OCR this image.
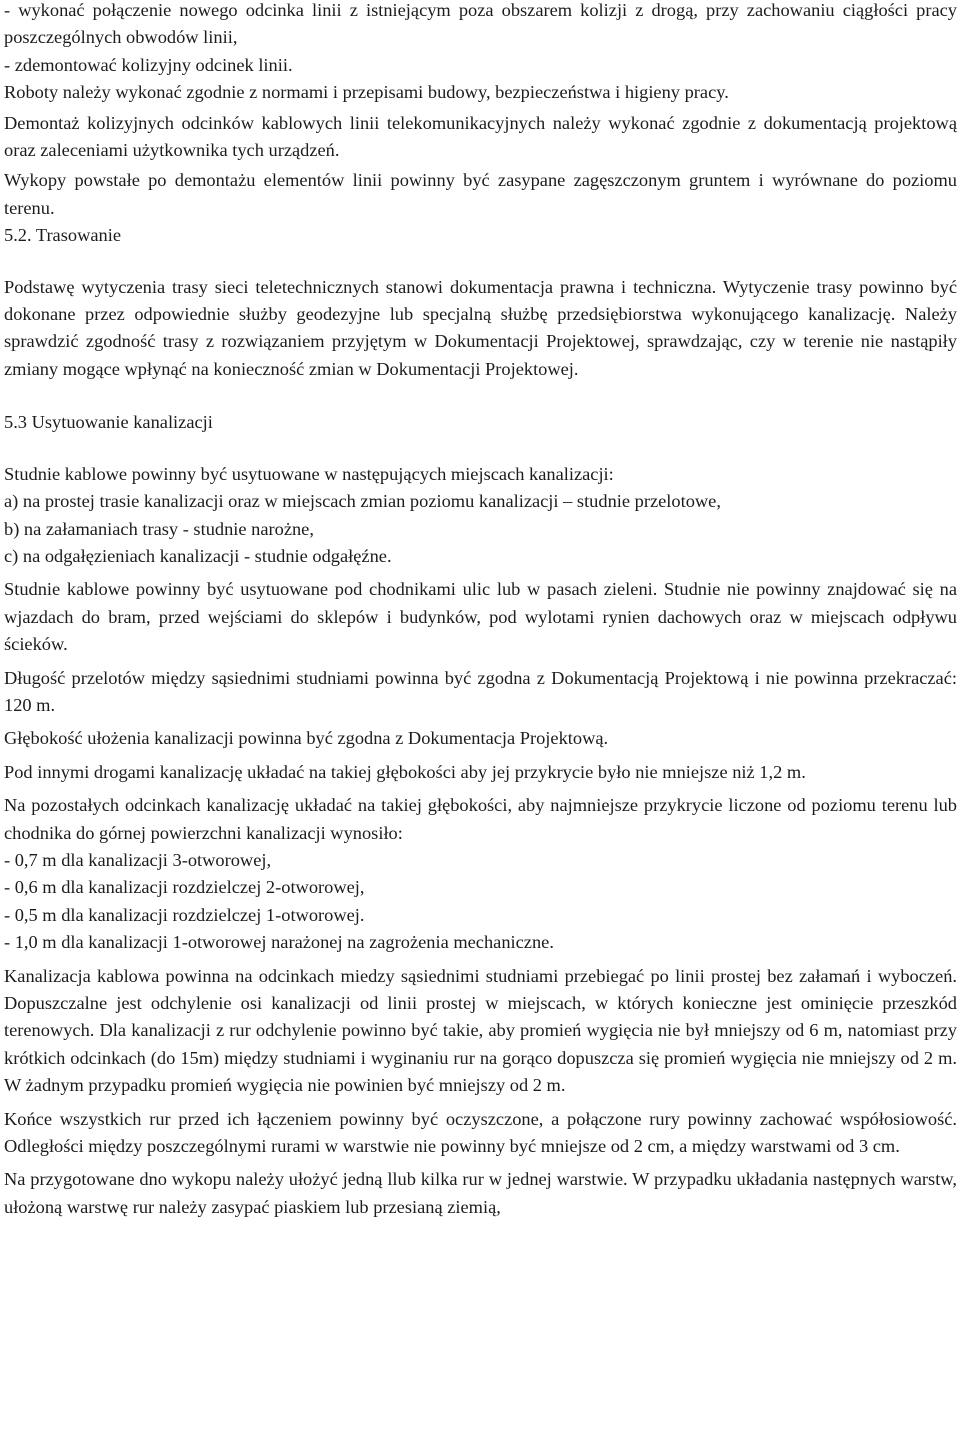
- wykonać połączenie nowego odcinka linii z istniejącym poza obszarem kolizji z drogą, przy zachowaniu ciągłości pracy poszczególnych obwodów linii,

- zdemontować kolizyjny odcinek linii.

Roboty należy wykonać zgodnie z normami i przepisami budowy, bezpieczeństwa i higieny pracy.

Demontaż kolizyjnych odcinków kablowych linii telekomunikacyjnych należy wykonać zgodnie z dokumentacją projektową oraz zaleceniami użytkownika tych urządzeń.

Wykopy powstałe po demontażu elementów linii powinny być zasypane zagęszczonym gruntem i wyrównane do poziomu terenu.

5.2. Trasowanie

Podstawę wytyczenia trasy sieci teletechnicznych stanowi dokumentacja prawna i techniczna. Wytyczenie trasy powinno być dokonane przez odpowiednie służby geodezyjne lub specjalną służbę przedsiębiorstwa wykonującego kanalizację. Należy sprawdzić zgodność trasy z rozwiązaniem przyjętym w Dokumentacji Projektowej, sprawdzając, czy w terenie nie nastąpiły zmiany mogące wpłynąć na konieczność zmian w Dokumentacji Projektowej.

5.3 Usytuowanie kanalizacji

Studnie kablowe powinny być usytuowane w następujących miejscach kanalizacji:

a) na prostej trasie kanalizacji oraz w miejscach zmian poziomu kanalizacji – studnie przelotowe,

b) na załamaniach trasy - studnie narożne,

c) na odgałęzieniach kanalizacji - studnie odgałęźne.

Studnie kablowe powinny być usytuowane pod chodnikami ulic lub w pasach zieleni. Studnie nie powinny znajdować się na wjazdach do bram, przed wejściami do sklepów i budynków, pod wylotami rynien dachowych oraz w miejscach odpływu ścieków.

Długość przelotów między sąsiednimi studniami powinna być zgodna z Dokumentacją Projektową i nie powinna przekraczać: 120 m.

Głębokość ułożenia kanalizacji powinna być zgodna z Dokumentacja Projektową.

Pod innymi drogami kanalizację układać na takiej głębokości aby jej przykrycie było nie mniejsze niż 1,2 m.

Na pozostałych odcinkach kanalizację układać na takiej głębokości, aby najmniejsze przykrycie liczone od poziomu terenu lub chodnika do górnej powierzchni kanalizacji wynosiło:

- 0,7 m dla kanalizacji 3-otworowej,

- 0,6 m dla kanalizacji rozdzielczej 2-otworowej,

- 0,5 m dla kanalizacji rozdzielczej 1-otworowej.

- 1,0 m dla kanalizacji 1-otworowej narażonej na zagrożenia mechaniczne.

Kanalizacja kablowa powinna na odcinkach miedzy sąsiednimi studniami przebiegać po linii prostej bez załamań i wyboczeń. Dopuszczalne jest odchylenie osi kanalizacji od linii prostej w miejscach, w których konieczne jest ominięcie przeszkód terenowych. Dla kanalizacji z rur odchylenie powinno być takie, aby promień wygięcia nie był mniejszy od 6 m, natomiast przy krótkich odcinkach (do 15m) między studniami i wyginaniu rur na gorąco dopuszcza się promień wygięcia nie mniejszy od 2 m. W żadnym przypadku promień wygięcia nie powinien być mniejszy od 2 m.

Końce wszystkich rur przed ich łączeniem powinny być oczyszczone, a połączone rury powinny zachować współosiowość. Odległości między poszczególnymi rurami w warstwie nie powinny być mniejsze od 2 cm, a między warstwami od 3 cm.

Na przygotowane dno wykopu należy ułożyć jedną llub kilka rur w jednej warstwie. W przypadku układania następnych warstw, ułożoną warstwę rur należy zasypać piaskiem lub przesianą ziemią,
